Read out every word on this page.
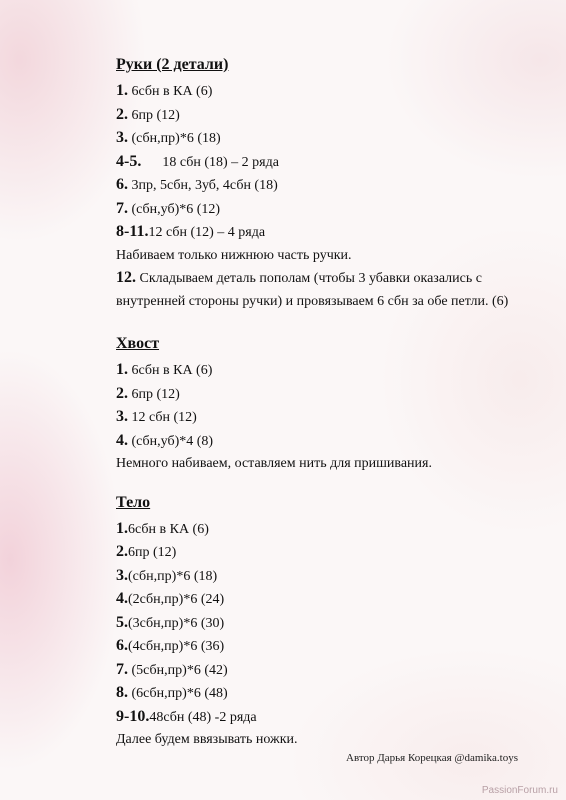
Руки (2 детали)

1. 6сбн в КА (6)

2. 6пр (12)

3. (сбн,пр)*6 (18)

4-5.      18 сбн (18) – 2 ряда

6. 3пр, 5сбн, 3уб, 4сбн (18)

7. (сбн,уб)*6 (12)

8-11.12 сбн (12) – 4 ряда

Набиваем только нижнюю часть ручки.

12. Складываем деталь пополам (чтобы 3 убавки оказались с внутренней стороны ручки) и провязываем 6 сбн за обе петли. (6)

Хвост

1. 6сбн в КА (6)

2. 6пр (12)

3. 12 сбн (12)

4. (сбн,уб)*4 (8)

Немного набиваем, оставляем нить для пришивания.

Тело

1.6сбн в КА (6)

2.6пр (12)

3.(сбн,пр)*6 (18)

4.(2сбн,пр)*6 (24)

5.(3сбн,пр)*6 (30)

6.(4сбн,пр)*6 (36)

7. (5сбн,пр)*6 (42)

8. (6сбн,пр)*6 (48)

9-10.48сбн (48) -2 ряда

Далее будем ввязывать ножки.

Автор Дарья Корецкая @damika.toys
PassionForum.ru
